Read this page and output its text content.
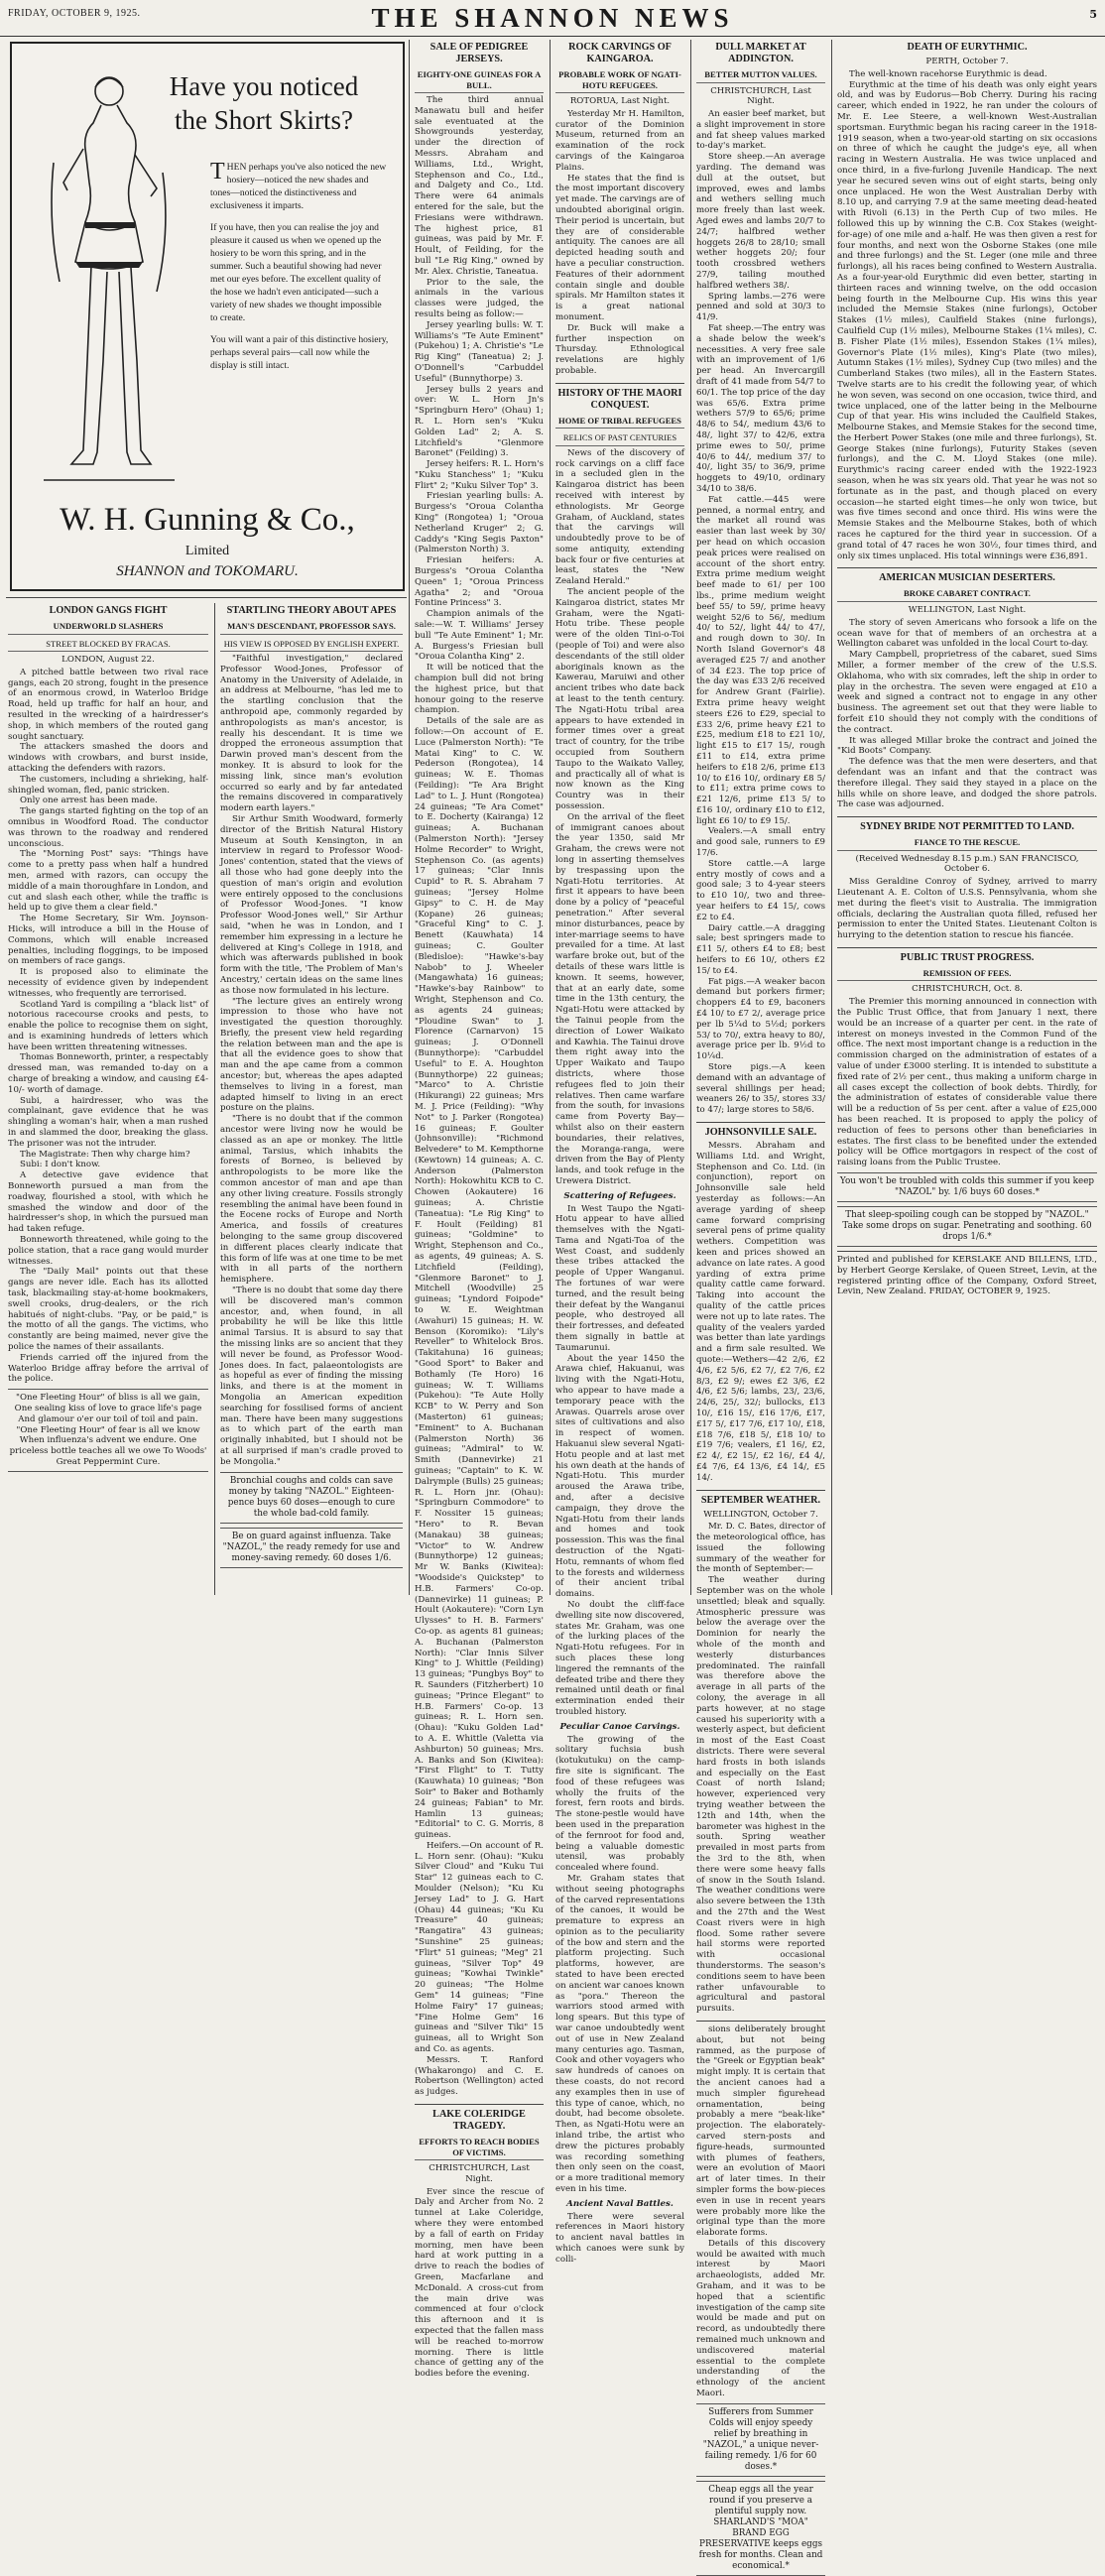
FRIDAY, OCTOBER 9, 1925.	THE SHANNON NEWS	5
Have you noticed
the Short Skirts?

THEN perhaps you've also noticed the new hosiery—noticed the new shades and tones—noticed the distinctiveness and exclusiveness it imparts.

If you have, then you can realise the joy and pleasure it caused us when we opened up the hosiery to be worn this spring, and in the summer. Such a beautiful showing had never met our eyes before. The excellent quality of the hose we hadn't even anticipated—such a variety of new shades we thought impossible to create.

You will want a pair of this distinctive hosiery, perhaps several pairs—call now while the display is still intact.

W. H. Gunning & Co.,
Limited
SHANNON and TOKOMARU.
LONDON GANGS FIGHT
UNDERWORLD SLASHERS
STREET BLOCKED BY FRACAS.
LONDON, August 22.

A pitched battle between two rival race gangs, each 20 strong, fought in the presence of an enormous crowd, in Waterloo Bridge Road, held up traffic for half an hour, and resulted in the wrecking of a hairdresser's shop, in which members of the routed gang sought sanctuary.

The attackers smashed the doors and windows with crowbars, and burst inside, attacking the defenders with razors.

The customers, including a shrieking, half-shingled woman, fled, panic stricken.

Only one arrest has been made.

The gangs started fighting on the top of an omnibus in Woodford Road. The conductor was thrown to the roadway and rendered unconscious.

The "Morning Post" says: "Things have come to a pretty pass when half a hundred men, armed with razors, can occupy the middle of a main thoroughfare in London, and cut and slash each other, while the traffic is held up to give them a clear field."

The Home Secretary, Sir Wm. Joynson-Hicks, will introduce a bill in the House of Commons, which will enable increased penalties, including floggings, to be imposed on members of race gangs.

It is proposed also to eliminate the necessity of evidence given by independent witnesses, who frequently are terrorised.

Scotland Yard is compiling a "black list" of notorious racecourse crooks and pests, to enable the police to recognise them on sight, and is examining hundreds of letters which have been written threatening witnesses.

Thomas Bonneworth, printer, a respectably dressed man, was remanded to-day on a charge of breaking a window, and causing £4-10/- worth of damage.

Subi, a hairdresser, who was the complainant, gave evidence that he was shingling a woman's hair, when a man rushed in and slammed the door, breaking the glass. The prisoner was not the intruder.

The Magistrate: Then why charge him?

Subi: I don't know.

A detective gave evidence that Bonneworth pursued a man from the roadway, flourished a stool, with which he smashed the window and door of the hairdresser's shop, in which the pursued man had taken refuge.

Bonneworth threatened, while going to the police station, that a race gang would murder witnesses.

The "Daily Mail" points out that these gangs are never idle. Each has its allotted task, blackmailing stay-at-home bookmakers, swell crooks, drug-dealers, or the rich habitués of night-clubs. "Pay, or be paid," is the motto of all the gangs. The victims, who constantly are being maimed, never give the police the names of their assailants.

Friends carried off the injured from the Waterloo Bridge affray before the arrival of the police.

"One Fleeting Hour" of bliss is all we gain, One sealing kiss of love to grace life's page And glamour o'er our toil of toil and pain. "One Fleeting Hour" of fear is all we know When influenza's advent we endure. One priceless bottle teaches all we owe To Woods' Great Peppermint Cure.
STARTLING THEORY ABOUT APES
MAN'S DESCENDANT, PROFESSOR SAYS.
HIS VIEW IS OPPOSED BY ENGLISH EXPERT.

"Faithful investigation," declared Professor Wood-Jones, Professor of Anatomy in the University of Adelaide, in an address at Melbourne, "has led me to the startling conclusion that the anthropoid ape, commonly regarded by anthropologists as man's ancestor, is really his descendant. It is time we dropped the erroneous assumption that Darwin proved man's descent from the monkey. It is absurd to look for the missing link, since man's evolution occurred so early and by far antedated the remains discovered in comparatively modern earth layers."

Sir Arthur Smith Woodward, formerly director of the British Natural History Museum at South Kensington, in an interview in regard to Professor Wood-Jones' contention, stated that the views of all those who had gone deeply into the question of man's origin and evolution were entirely opposed to the conclusions of Professor Wood-Jones. "I know Professor Wood-Jones well," Sir Arthur said, "when he was in London, and I remember him expressing in a lecture he delivered at King's College in 1918, and which was afterwards published in book form with the title, 'The Problem of Man's Ancestry,' certain ideas on the same lines as those now formulated in his lecture.

"The lecture gives an entirely wrong impression to those who have not investigated the question thoroughly. Briefly, the present view held regarding the relation between man and the ape is that all the evidence goes to show that man and the ape came from a common ancestor; but, whereas the apes adapted themselves to living in a forest, man adapted himself to living in an erect posture on the plains.

"There is no doubt that if the common ancestor were living now he would be classed as an ape or monkey. The little animal, Tarsius, which inhabits the forests of Borneo, is believed by anthropologists to be more like the common ancestor of man and ape than any other living creature. Fossils strongly resembling the animal have been found in the Eocene rocks of Europe and North America, and fossils of creatures belonging to the same group discovered in different places clearly indicate that this form of life was at one time to be met with in all parts of the northern hemisphere.

"There is no doubt that some day there will be discovered man's common ancestor, and, when found, in all probability he will be like this little animal Tarsius. It is absurd to say that the missing links are so ancient that they will never be found, as Professor Wood-Jones does. In fact, palaeontologists are as hopeful as ever of finding the missing links, and there is at the moment in Mongolia an American expedition searching for fossilised forms of ancient man. There have been many suggestions as to which part of the earth man originally inhabited, but I should not be at all surprised if man's cradle proved to be Mongolia."

Bronchial coughs and colds can save money by taking "NAZOL." Eighteen-pence buys 60 doses—enough to cure the whole bad-cold family.
Be on guard against influenza. Take "NAZOL," the ready remedy for use and money-saving remedy. 60 doses 1/6.
SALE OF PEDIGREE JERSEYS.
EIGHTY-ONE GUINEAS FOR A BULL.

The third annual Manawatu bull and heifer sale eventuated at the Showgrounds yesterday, under the direction of Messrs. Abraham and Williams, Ltd., Wright, Stephenson and Co., Ltd., and Dalgety and Co., Ltd. There were 64 animals entered for the sale, but the Friesians were withdrawn. The highest price, 81 guineas, was paid by Mr. F. Hoult, of Feilding, for the bull "Le Rig King," owned by Mr. Alex. Christie, Taneatua.

Prior to the sale, the animals in the various classes were judged, the results being as follow:—

Jersey yearling bulls: W. T. Williams's "Te Aute Eminent" (Pukehou) 1; A. Christie's "Le Rig King" (Taneatua) 2; J. O'Donnell's "Carbuddel Useful" (Bunnythorpe) 3.

Jersey bulls 2 years and over: W. L. Horn Jn's "Springburn Hero" (Ohau) 1; R. L. Horn sen's "Kuku Golden Lad" 2; A. S. Litchfield's "Glenmore Baronet" (Feilding) 3.

Jersey heifers: R. L. Horn's "Kuku Stanchess" 1; "Kuku Flirt" 2; "Kuku Silver Top" 3.

Friesian yearling bulls: A. Burgess's "Oroua Colantha King" (Rongotea) 1; "Oroua Netherland Kruger" 2; G. Caddy's "King Segis Paxton" (Palmerston North) 3.

Friesian heifers: A. Burgess's "Oroua Colantha Queen" 1; "Oroua Princess Agatha" 2; and "Oroua Fontine Princess" 3.

Champion animals of the sale:—W. T. Williams' Jersey bull "Te Aute Eminent" 1; Mr. A. Burgess's Friesian bull "Oroua Colantha King" 2.

It will be noticed that the champion bull did not bring the highest price, but that honour going to the reserve champion.

Details of the sale are as follow:—On account of E. Luce (Palmerston North): "Te Matai King" to C. W. Pederson (Rongotea), 14 guineas; W. E. Thomas (Feilding): "Te Ara Bright Lad" to L. J. Hunt (Rongotea) 24 guineas; "Te Ara Comet" to E. Docherty (Kairanga) 12 guineas; A. Buchanan (Palmerston North): "Jersey Holme Recorder" to Wright, Stephenson Co. (as agents) 17 guineas; "Clar Innis Cupid" to R. S. Abraham 7 guineas; "Jersey Holme Gipsy" to C. H. de May (Kopane) 26 guineas; "Graceful King" to C. J. Benett (Kauwhata) 14 guineas; C. Goulter (Bledisloe): "Hawke's-bay Nabob" to J. Wheeler (Mangawhata) 16 guineas; "Hawke's-bay Rainbow" to Wright, Stephenson and Co. as agents 24 guineas; "Ploudine Swan" to J. Florence (Carnarvon) 15 guineas; J. O'Donnell (Bunnythorpe): "Carbuddel Useful" to E. A. Houghton (Bunnythorpe) 22 guineas; "Marco" to A. Christie (Hikurangi) 22 guineas; Mrs M. J. Price (Feilding): "Why Not" to J. Parker (Rongotea) 16 guineas; F. Goulter (Johnsonville): "Richmond Belvedere" to M. Kempthorne (Kewtown) 14 guineas; A. C. Anderson (Palmerston North): Hokowhitu KCB to C. Chowen (Aokautere) 16 guineas; A. Christie (Taneatua): "Le Rig King" to F. Hoult (Feilding) 81 guineas; "Goldmine" to Wright, Stephenson and Co., as agents, 49 guineas; A. S. Litchfield (Feilding), "Glenmore Baronet" to J. Mitchell (Woodville) 25 guineas; "Lyndord Foipode" to W. E. Weightman (Awahuri) 15 guineas; H. W. Benson (Koromiko): "Lily's Reveller" to Whitelock Bros. (Takitahuna) 16 guineas; "Good Sport" to Baker and Bothamly (Te Horo) 16 guineas; W. T. Williams (Pukehou): "Te Aute Holly KCB" to W. Perry and Son (Masterton) 61 guineas; "Eminent" to A. Buchanan (Palmerston North) 36 guineas; "Admiral" to W. Smith (Dannevirke) 21 guineas; "Captain" to K. W. Dalrymple (Bulls) 25 guineas; R. L. Horn jnr. (Ohau): "Springburn Commodore" to F. Nossiter 15 guineas; "Hero" to R. Bevan (Manakau) 38 guineas; "Victor" to W. Andrew (Bunnythorpe) 12 guineas; Mr W. Banks (Kiwitea): "Woodside's Quickstep" to H.B. Farmers' Co-op. (Dannevirke) 11 guineas; P. Hoult (Aokautere): "Corn Lyn Ulysses" to H. B. Farmers' Co-op. as agents 81 guineas; A. Buchanan (Palmerston North): "Clar Innis Silver King" to J. Whittle (Feilding) 13 guineas; "Pungbys Boy" to R. Saunders (Fitzherbert) 10 guineas; "Prince Elegant" to H.B. Farmers' Co-op. 13 guineas; R. L. Horn sen. (Ohau): "Kuku Golden Lad" to A. E. Whittle (Valetta via Ashburton) 50 guineas; Mrs. A. Banks and Son (Kiwitea): "First Flight" to T. Tutty (Kauwhata) 10 guineas; "Bon Soir" to Baker and Bothamly 24 guineas; Fabian" to Mr. Hamlin 13 guineas; "Editorial" to C. G. Morris, 8 guineas.

Heifers.—On account of R. L. Horn senr. (Ohau): "Kuku Silver Cloud" and "Kuku Tui Star" 12 guineas each to C. Moulder (Nelson); "Ku Ku Jersey Lad" to J. G. Hart (Ohau) 44 guineas; "Ku Ku Treasure" 40 guineas; "Rangatira" 43 guineas; "Sunshine" 25 guineas; "Flirt" 51 guineas; "Meg" 21 guineas, "Silver Top" 49 guineas; "Kowhai Twinkle" 20 guineas; "The Holme Gem" 14 guineas; "Fine Holme Fairy" 17 guineas; "Fine Holme Gem" 16 guineas and "Silver Tiki" 15 guineas, all to Wright Son and Co. as agents.

Messrs. T. Ranford (Whakarongo) and C. E. Robertson (Wellington) acted as judges.

LAKE COLERIDGE TRAGEDY.
EFFORTS TO REACH BODIES OF VICTIMS.
CHRISTCHURCH, Last Night.

Ever since the rescue of Daly and Archer from No. 2 tunnel at Lake Coleridge, where they were entombed by a fall of earth on Friday morning, men have been hard at work putting in a drive to reach the bodies of Green, Macfarlane and McDonald. A cross-cut from the main drive was commenced at four o'clock this afternoon and it is expected that the fallen mass will be reached to-morrow morning. There is little chance of getting any of the bodies before the evening.

ROCK CARVINGS OF KAINGAROA.
PROBABLE WORK OF NGATI-HOTU REFUGEES.
ROTORUA, Last Night.

Yesterday Mr H. Hamilton, curator of the Dominion Museum, returned from an examination of the rock carvings of the Kaingaroa Plains.

He states that the find is the most important discovery yet made. The carvings are of undoubted aboriginal origin. Their period is uncertain, but they are of considerable antiquity. The canoes are all depicted heading south and have a peculiar construction. Features of their adornment contain single and double spirals. Mr Hamilton states it is a great national monument.

Dr. Buck will make a further inspection on Thursday. Ethnological revelations are highly probable.

HISTORY OF THE MAORI CONQUEST.
HOME OF TRIBAL REFUGEES
RELICS OF PAST CENTURIES

News of the discovery of rock carvings on a cliff face in a secluded glen in the Kaingaroa district has been received with interest by ethnologists. Mr George Graham, of Auckland, states that the carvings will undoubtedly prove to be of some antiquity, extending back four or five centuries at least, states the "New Zealand Herald."

The ancient people of the Kaingaroa district, states Mr Graham, were the Ngati-Hotu tribe. These people were of the olden Tini-o-Toi (people of Toi) and were also descendants of the still older aboriginals known as the Kawerau, Maruiwi and other ancient tribes who date back at least to the tenth century. The Ngati-Hotu tribal area appears to have extended in former times over a great tract of country, for the tribe occupied from Southern Taupo to the Waikato Valley, and practically all of what is now known as the King Country was in their possession.

On the arrival of the fleet of immigrant canoes about the year 1350, said Mr Graham, the crews were not long in asserting themselves by trespassing upon the Ngati-Hotu territories. At first it appears to have been done by a policy of "peaceful penetration." After several minor disturbances, peace by inter-marriage seems to have prevailed for a time. At last warfare broke out, but of the details of these wars little is known. It seems, however, that at an early date, some time in the 13th century, the Ngati-Hotu were attacked by the Tainui people from the direction of Lower Waikato and Kawhia. The Tainui drove them right away into the Upper Waikato and Taupo districts, where those refugees fled to join their relatives. Then came warfare from the south, for invasions came from Poverty Bay—whilst also on their eastern boundaries, their relatives, the Moranga-ranga, were driven from the Bay of Plenty lands, and took refuge in the Urewera District.

Scattering of Refugees.

In West Taupo the Ngati-Hotu appear to have allied themselves with the Ngati-Tama and Ngati-Toa of the West Coast, and suddenly these tribes attacked the people of Upper Wanganui. The fortunes of war were turned, and the result being their defeat by the Wanganui people, who destroyed all their fortresses, and defeated them signally in battle at Taumarunui.

About the year 1450 the Arawa chief, Hakuanui, was living with the Ngati-Hotu, who appear to have made a temporary peace with the Arawas. Quarrels arose over sites of cultivations and also in respect of women. Hakuanui slew several Ngati-Hotu people and at last met his own death at the hands of Ngati-Hotu. This murder aroused the Arawa tribe, and, after a decisive campaign, they drove the Ngati-Hotu from their lands and homes and took possession. This was the final destruction of the Ngati-Hotu, remnants of whom fled to the forests and wilderness of their ancient tribal domains.

No doubt the cliff-face dwelling site now discovered, states Mr. Graham, was one of the lurking places of the Ngati-Hotu refugees. For in such places these long lingered the remnants of the defeated tribe and there they remained until death or final extermination ended their troubled history.

Peculiar Canoe Carvings.

The growing of the solitary fuchsia bush (kotukutuku) on the camp-fire site is significant. The food of these refugees was wholly the fruits of the forest, fern roots and birds. The stone-pestle would have been used in the preparation of the fernroot for food and, being a valuable domestic utensil, was probably concealed where found.

Mr. Graham states that without seeing photographs of the carved representations of the canoes, it would be premature to express an opinion as to the peculiarity of the bow and stern and the platform projecting. Such platforms, however, are stated to have been erected on ancient war canoes known as "pora." Thereon the warriors stood armed with long spears. But this type of war canoe undoubtedly went out of use in New Zealand many centuries ago. Tasman, Cook and other voyagers who saw hundreds of canoes on these coasts, do not record any examples then in use of this type of canoe, which, no doubt, had become obsolete. Then, as Ngati-Hotu were an inland tribe, the artist who drew the pictures probably was recording something then only seen on the coast, or a more traditional memory even in his time.

Ancient Naval Battles.

There were several references in Maori history to ancient naval battles in which canoes were sunk by colli-

DULL MARKET AT ADDINGTON.
BETTER MUTTON VALUES.
CHRISTCHURCH, Last Night.

An easier beef market, but a slight improvement in store and fat sheep values marked to-day's market.

Store sheep.—An average yarding. The demand was dull at the outset, but improved, ewes and lambs and wethers selling much more freely than last week. Aged ewes and lambs 20/7 to 24/7; halfbred wether hoggets 26/8 to 28/10; small wether hoggets 20/; four tooth crossbred wethers 27/9, tailing mouthed halfbred wethers 38/.

Spring lambs.—276 were penned and sold at 30/3 to 41/9.

Fat sheep.—The entry was a shade below the week's necessities. A very free sale with an improvement of 1/6 per head. An Invercargill draft of 41 made from 54/7 to 60/1. The top price of the day was 65/6. Extra prime wethers 57/9 to 65/6; prime 48/6 to 54/, medium 43/6 to 48/, light 37/ to 42/6, extra prime ewes to 50/, prime 40/6 to 44/, medium 37/ to 40/, light 35/ to 36/9, prime hoggets to 49/10, ordinary 34/10 to 38/6.

Fat cattle.—445 were penned, a normal entry, and the market all round was easier than last week by 30/ per head on which occasion peak prices were realised on account of the short entry. Extra prime medium weight beef made to 61/ per 100 lbs., prime medium weight beef 55/ to 59/, prime heavy weight 52/6 to 56/, medium 40/ to 52/, light 44/ to 47/, and rough down to 30/. In North Island Governor's 48 averaged £25 7/ and another of 34 £23. The top price of the day was £33 2/6 received for Andrew Grant (Fairlie). Extra prime heavy weight steers £26 to £29, special to £33 2/6, prime heavy £21 to £25, medium £18 to £21 10/, light £15 to £17 15/, rough £11 to £14, extra prime heifers to £18 2/6, prime £13 10/ to £16 10/, ordinary £8 5/ to £11; extra prime cows to £21 12/6, prime £13 5/ to £16 10/, ordinary £10 to £12, light £6 10/ to £9 15/.

Vealers.—A small entry and good sale, runners to £9 17/6.

Store cattle.—A large entry mostly of cows and a good sale; 3 to 4-year steers to £10 10/, two and three-year heifers to £4 15/, cows £2 to £4.

Dairy cattle.—A dragging sale; best springers made to £11 5/, others £4 to £8; best heifers to £6 10/, others £2 15/ to £4.

Fat pigs.—A weaker bacon demand but porkers firmer; choppers £4 to £9, baconers £4 10/ to £7 2/, average price per lb 5¼d to 5½d; porkers 53/ to 70/, extra heavy to 80/, average price per lb. 9½d to 10¼d.

Store pigs.—A keen demand with an advantage of several shillings per head; weaners 26/ to 35/, stores 33/ to 47/; large stores to 58/6.

JOHNSONVILLE SALE.

Messrs. Abraham and Williams Ltd. and Wright, Stephenson and Co. Ltd. (in conjunction), report on Johnsonville sale held yesterday as follows:—An average yarding of sheep came forward comprising several pens of prime quality wethers. Competition was keen and prices showed an advance on late rates. A good yarding of extra prime quality cattle came forward. Taking into account the quality of the cattle prices were not up to late rates. The quality of the vealers yarded was better than late yardings and a firm sale resulted. We quote:—Wethers—42 2/6, £2 4/6, £2 5/6, £2 7/, £2 7/6, £2 8/3, £2 9/; ewes £2 3/6, £2 4/6, £2 5/6; lambs, 23/, 23/6, 24/6, 25/, 32/; bullocks, £13 10/, £16 15/, £16 17/6, £17, £17 5/, £17 7/6, £17 10/, £18, £18 7/6, £18 5/, £18 10/ to £19 7/6; vealers, £1 16/, £2, £2 4/, £2 15/, £2 16/, £4 4/, £4 7/6, £4 13/6, £4 14/, £5 14/.

SEPTEMBER WEATHER.
WELLINGTON, October 7.

Mr. D. C. Bates, director of the meteorological office, has issued the following summary of the weather for the month of September:—

The weather during September was on the whole unsettled; bleak and squally. Atmospheric pressure was below the average over the Dominion for nearly the whole of the month and westerly disturbances predominated. The rainfall was therefore above the average in all parts of the colony, the average in all parts however, at no stage caused his superiority with a westerly aspect, but deficient in most of the East Coast districts. There were several hard frosts in both islands and especially on the East Coast of north Island; however, experienced very trying weather between the 12th and 14th, when the barometer was highest in the south. Spring weather prevailed in most parts from the 3rd to the 8th, when there were some heavy falls of snow in the South Island. The weather conditions were also severe between the 13th and the 27th and the West Coast rivers were in high flood. Some rather severe hail storms were reported with occasional thunderstorms. The season's conditions seem to have been rather unfavourable to agricultural and pastoral pursuits.

sions deliberately brought about, but not being rammed, as the purpose of the "Greek or Egyptian beak" might imply. It is certain that the ancient canoes had a much simpler figurehead ornamentation, being probably a mere "beak-like" projection. The elaborately-carved stern-posts and figure-heads, surmounted with plumes of feathers, were an evolution of Maori art of later times. In their simpler forms the bow-pieces even in use in recent years were probably more like the original type than the more elaborate forms.

Details of this discovery would be awaited with much interest by Maori archaeologists, added Mr. Graham, and it was to be hoped that a scientific investigation of the camp site would be made and put on record, as undoubtedly there remained much unknown and undiscovered material essential to the complete understanding of the ethnology of the ancient Maori.

Sufferers from Summer Colds will enjoy speedy relief by breathing in "NAZOL," a unique never-failing remedy. 1/6 for 60 doses.*
Cheap eggs all the year round if you preserve a plentiful supply now. SHARLAND'S "MOA" BRAND EGG PRESERVATIVE keeps eggs fresh for months. Clean and economical.*
DEATH OF EURYTHMIC.
PERTH, October 7.

The well-known racehorse Eurythmic is dead.

Eurythmic at the time of his death was only eight years old, and was by Eudorus—Bob Cherry. During his racing career, which ended in 1922, he ran under the colours of Mr. E. Lee Steere, a well-known West-Australian sportsman. Eurythmic began his racing career in the 1918-1919 season, when a two-year-old starting on six occasions on three of which he caught the judge's eye, all when racing in Western Australia. He was twice unplaced and once third, in a five-furlong Juvenile Handicap. The next year he secured seven wins out of eight starts, being only once unplaced. He won the West Australian Derby with 8.10 up, and carrying 7.9 at the same meeting dead-heated with Rivoli (6.13) in the Perth Cup of two miles. He followed this up by winning the C.B. Cox Stakes (weight-for-age) of one mile and a-half. He was then given a rest for four months, and next won the Osborne Stakes (one mile and three furlongs) and the St. Leger (one mile and three furlongs), all his races being confined to Western Australia. As a four-year-old Eurythmic did even better, starting in thirteen races and winning twelve, on the odd occasion being fourth in the Melbourne Cup. His wins this year included the Memsie Stakes (nine furlongs), October Stakes (1½ miles), Caulfield Stakes (nine furlongs), Caulfield Cup (1½ miles), Melbourne Stakes (1¼ miles), C. B. Fisher Plate (1½ miles), Essendon Stakes (1¼ miles), Governor's Plate (1½ miles), King's Plate (two miles), Autumn Stakes (1½ miles), Sydney Cup (two miles) and the Cumberland Stakes (two miles), all in the Eastern States. Twelve starts are to his credit the following year, of which he won seven, was second on one occasion, twice third, and twice unplaced, one of the latter being in the Melbourne Cup of that year. His wins included the Caulfield Stakes, Melbourne Stakes, and Memsie Stakes for the second time, the Herbert Power Stakes (one mile and three furlongs), St. George Stakes (nine furlongs), Futurity Stakes (seven furlongs), and the C. M. Lloyd Stakes (one mile). Eurythmic's racing career ended with the 1922-1923 season, when he was six years old. That year he was not so fortunate as in the past, and though placed on every occasion—he started eight times—he only won twice, but was five times second and once third. His wins were the Memsie Stakes and the Melbourne Stakes, both of which races he captured for the third year in succession. Of a grand total of 47 races he won 30½, four times third, and only six times unplaced. His total winnings were £36,891.

AMERICAN MUSICIAN DESERTERS.
BROKE CABARET CONTRACT.
WELLINGTON, Last Night.

The story of seven Americans who forsook a life on the ocean wave for that of members of an orchestra at a Wellington cabaret was unfolded in the local Court to-day.

Mary Campbell, proprietress of the cabaret, sued Sims Miller, a former member of the crew of the U.S.S. Oklahoma, who with six comrades, left the ship in order to play in the orchestra. The seven were engaged at £10 a week and signed a contract not to engage in any other business. The agreement set out that they were liable to forfeit £10 should they not comply with the conditions of the contract.

It was alleged Millar broke the contract and joined the "Kid Boots" Company.

The defence was that the men were deserters, and that defendant was an infant and that the contract was therefore illegal. They said they stayed in a place on the hills while on shore leave, and dodged the shore patrols. The case was adjourned.

SYDNEY BRIDE NOT PERMITTED TO LAND.
FIANCE TO THE RESCUE.
(Received Wednesday 8.15 p.m.) SAN FRANCISCO, October 6.

Miss Geraldine Conroy of Sydney, arrived to marry Lieutenant A. E. Colton of U.S.S. Pennsylvania, whom she met during the fleet's visit to Australia. The immigration officials, declaring the Australian quota filled, refused her permission to enter the United States. Lieutenant Colton is hurrying to the detention station to rescue his fiancée.

PUBLIC TRUST PROGRESS.
REMISSION OF FEES.
CHRISTCHURCH, Oct. 8.

The Premier this morning announced in connection with the Public Trust Office, that from January 1 next, there would be an increase of a quarter per cent. in the rate of interest on moneys invested in the Common Fund of the office. The next most important change is a reduction in the commission charged on the administration of estates of a value of under £3000 sterling. It is intended to substitute a fixed rate of 2½ per cent., thus making a uniform charge in all cases except the collection of book debts. Thirdly, for the administration of estates of considerable value there will be a reduction of 5s per cent. after a value of £25,000 has been reached. It is proposed to apply the policy of reduction of fees to persons other than beneficiaries in estates. The first class to be benefited under the extended policy will be Office mortgagors in respect of the cost of raising loans from the Public Trustee.

You won't be troubled with colds this summer if you keep "NAZOL" by. 1/6 buys 60 doses.*
That sleep-spoiling cough can be stopped by "NAZOL." Take some drops on sugar. Penetrating and soothing. 60 drops 1/6.*
Printed and published for KERSLAKE AND BILLENS, LTD., by Herbert George Kerslake, of Queen Street, Levin, at the registered printing office of the Company, Oxford Street, Levin, New Zealand. FRIDAY, OCTOBER 9, 1925.
